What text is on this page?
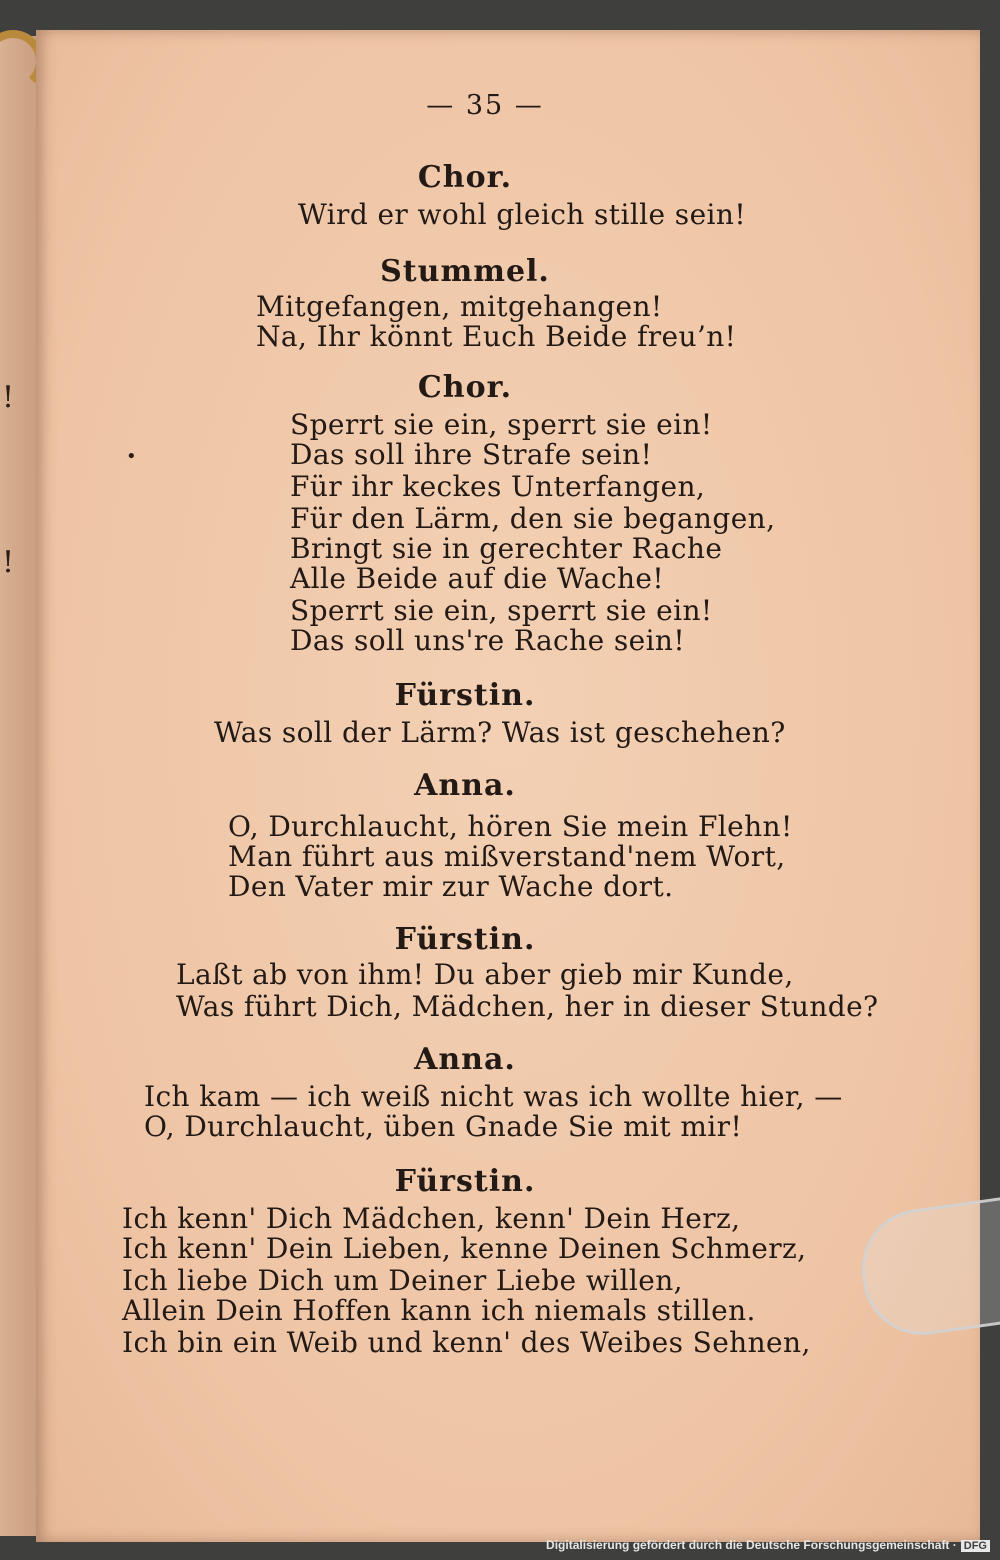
!
!
•
— 35 —
Chor.
Wird er wohl gleich stille sein!
Stummel.
Mitgefangen, mitgehangen!
Na, Ihr könnt Euch Beide freu’n!
Chor.
Sperrt sie ein, sperrt sie ein!
Das soll ihre Strafe sein!
Für ihr keckes Unterfangen,
Für den Lärm, den sie begangen,
Bringt sie in gerechter Rache
Alle Beide auf die Wache!
Sperrt sie ein, sperrt sie ein!
Das soll uns're Rache sein!
Fürstin.
Was soll der Lärm? Was ist geschehen?
Anna.
O, Durchlaucht, hören Sie mein Flehn!
Man führt aus mißverstand'nem Wort,
Den Vater mir zur Wache dort.
Fürstin.
Laßt ab von ihm! Du aber gieb mir Kunde,
Was führt Dich, Mädchen, her in dieser Stunde?
Anna.
Ich kam — ich weiß nicht was ich wollte hier, —
O, Durchlaucht, üben Gnade Sie mit mir!
Fürstin.
Ich kenn' Dich Mädchen, kenn' Dein Herz,
Ich kenn' Dein Lieben, kenne Deinen Schmerz,
Ich liebe Dich um Deiner Liebe willen,
Allein Dein Hoffen kann ich niemals stillen.
Ich bin ein Weib und kenn' des Weibes Sehnen,
Digitalisierung gefördert durch die Deutsche Forschungsgemeinschaft · DFG
